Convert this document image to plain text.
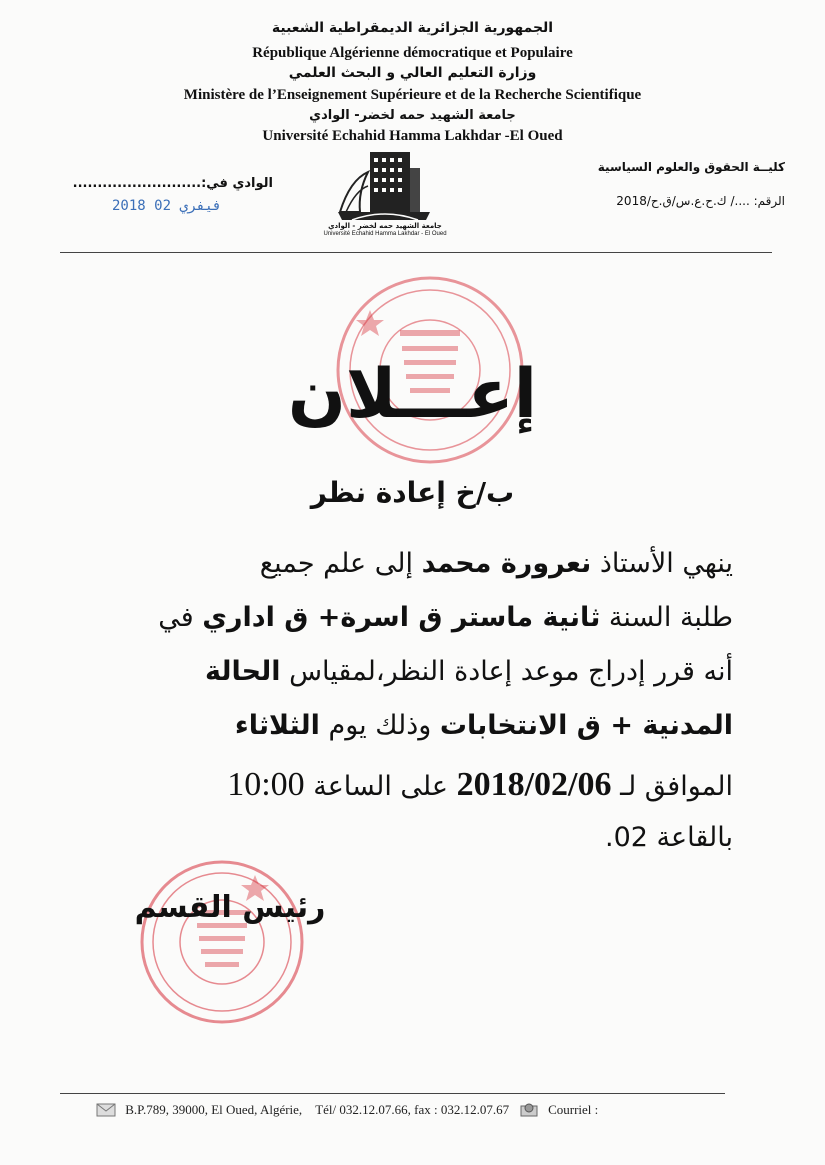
الجمهورية الجزائرية الديمقراطية الشعبية
République Algérienne démocratique et Populaire
وزارة التعليم العالي و البحث العلمي
Ministère de l’Enseignement Supérieure et de la Recherche Scientifique
جامعة الشهيد حمه لخضر- الوادي
Université Echahid Hamma Lakhdar -El Oued
كليــة الحقوق والعلوم السياسية
الرقم: ..../ ك.ح.ع.س/ق.ح/2018
الوادي في:..........................
2018 فيفري 02
جامعة الشهيد حمه لخضر - الوادي
Université Echahid Hamma Lakhdar - El Oued
إعـــلان
ب/خ إعادة نظر
ينهي الأستاذ نعرورة محمد إلى علم جميع
طلبة السنة ثانية ماستر ق اسرة+ ق اداري في
أنه قرر إدراج موعد إعادة النظر،لمقياس الحالة
المدنية + ق الانتخابات وذلك يوم الثلاثاء
الموافق لـ 2018/02/06 على الساعة 10:00
بالقاعة 02.
رئيس القسم
B.P.789, 39000, El Oued, Algérie, Tél/ 032.12.07.66, fax : 032.12.07.67	Courriel :
